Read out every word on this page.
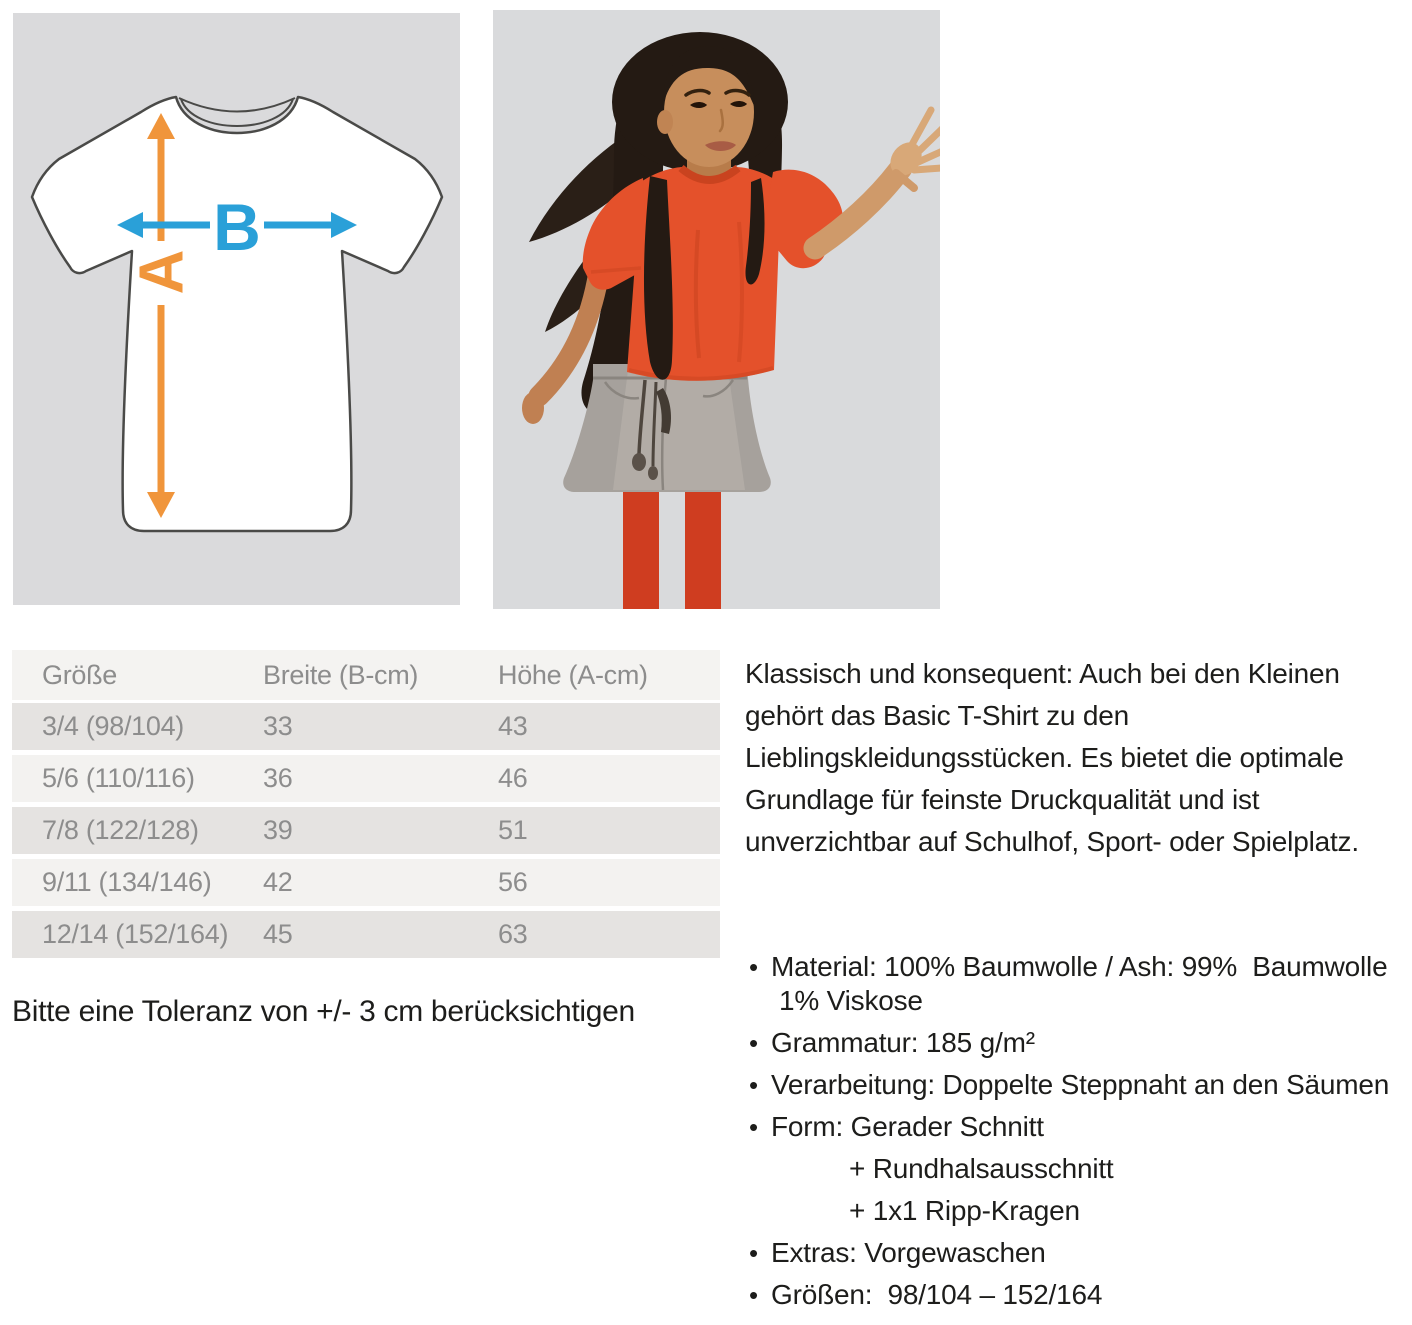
A
B
Größe	Breite (B-cm)	Höhe (A-cm)
3/4 (98/104)	33	43
5/6 (110/116)	36	46
7/8 (122/128)	39	51
9/11 (134/146)	42	56
12/14 (152/164)	45	63
Bitte eine Toleranz von +/- 3 cm berücksichtigen
Klassisch und konsequent: Auch bei den Kleinen
gehört das Basic T-Shirt zu den
Lieblingskleidungsstücken. Es bietet die optimale
Grundlage für feinste Druckqualität und ist
unverzichtbar auf Schulhof, Sport- oder Spielplatz.
• Material: 100% Baumwolle / Ash: 99%  Baumwolle
1% Viskose
• Grammatur: 185 g/m²
• Verarbeitung: Doppelte Steppnaht an den Säumen
• Form: Gerader Schnitt
+ Rundhalsausschnitt
+ 1x1 Ripp-Kragen
• Extras: Vorgewaschen
• Größen:  98/104 – 152/164
